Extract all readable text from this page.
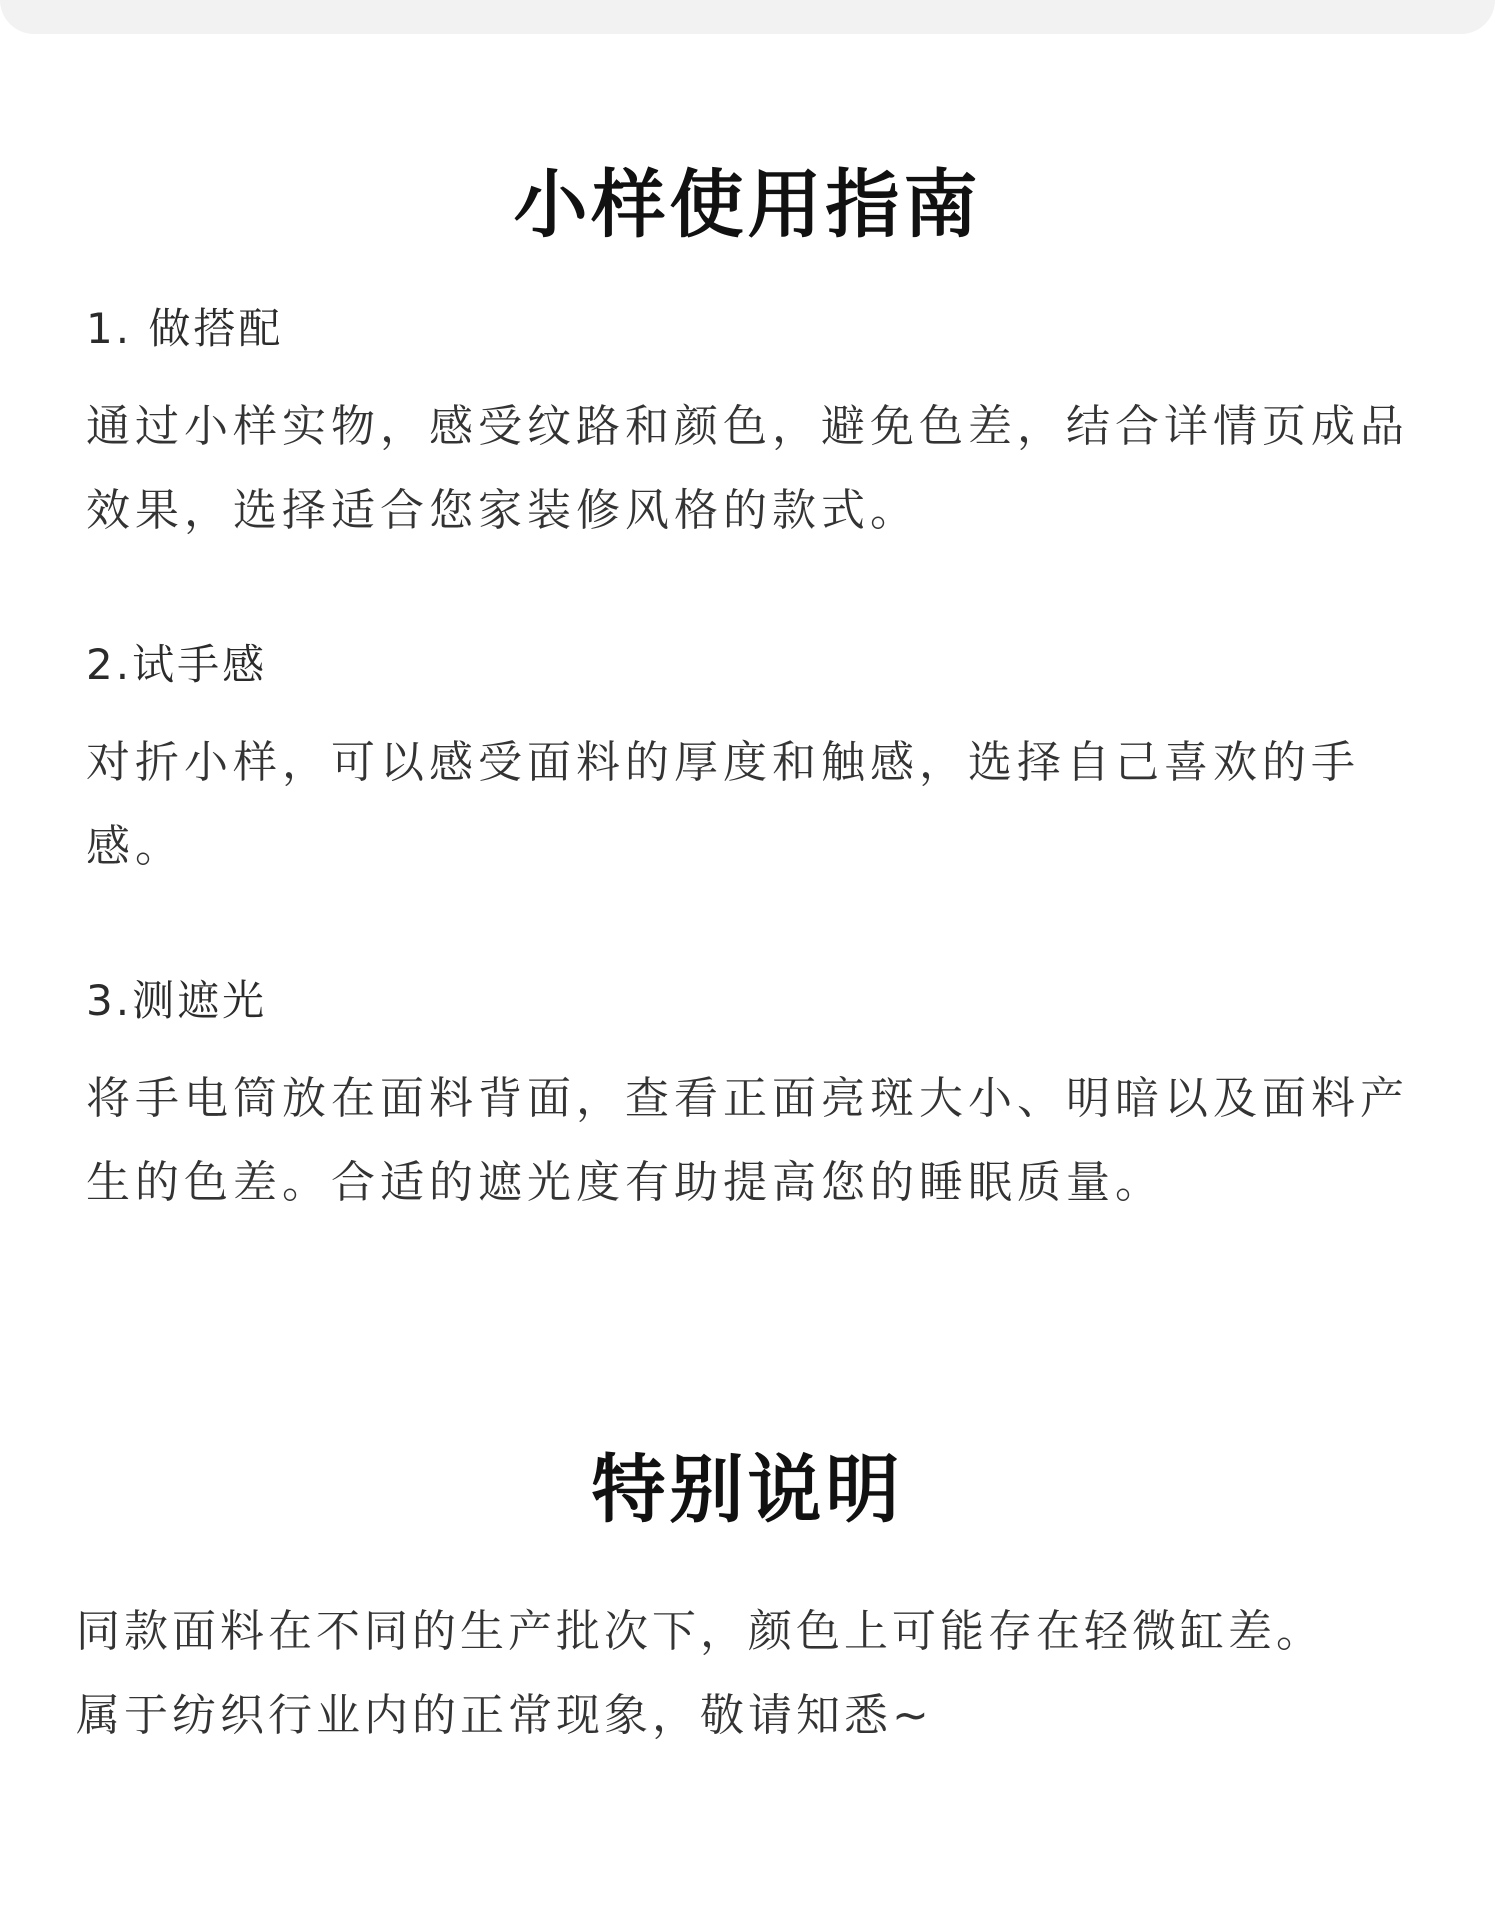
小样使用指南

1. 做搭配

通过小样实物，感受纹路和颜色，避免色差，结合详情页成品效果，选择适合您家装修风格的款式。

2.试手感

对折小样，可以感受面料的厚度和触感，选择自己喜欢的手感。

3.测遮光

将手电筒放在面料背面，查看正面亮斑大小、明暗以及面料产生的色差。合适的遮光度有助提高您的睡眠质量。

特别说明

同款面料在不同的生产批次下，颜色上可能存在轻微缸差。

属于纺织行业内的正常现象，敬请知悉~
